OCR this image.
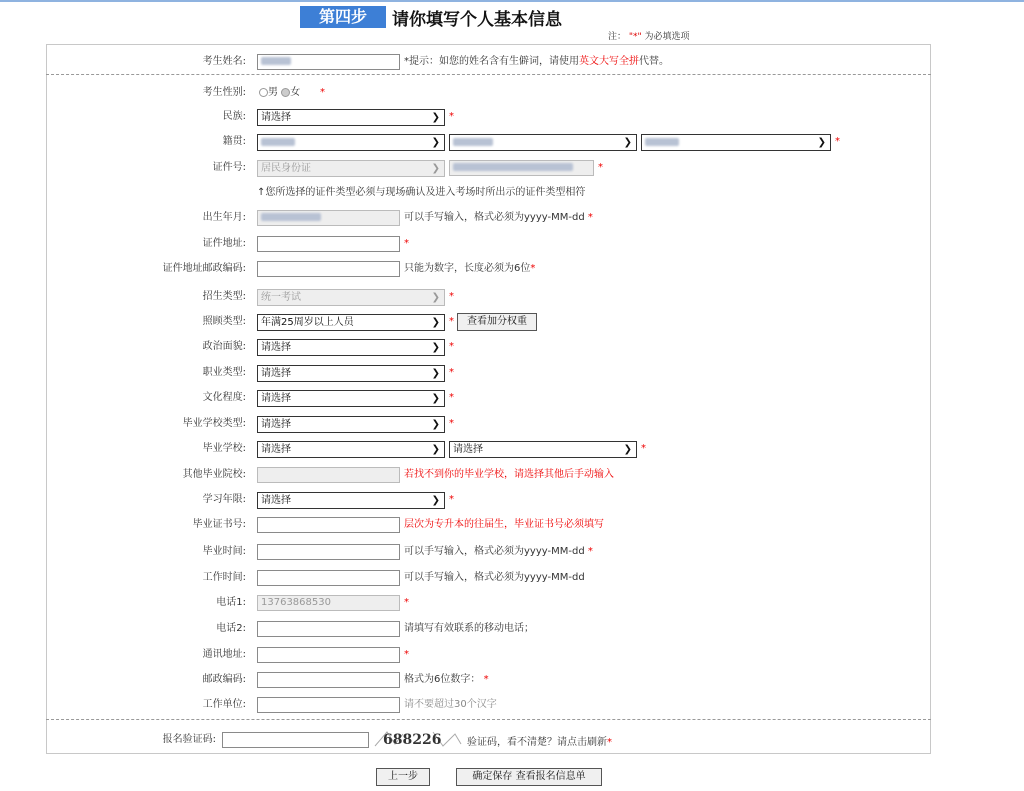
第四步	请你填写个人基本信息
注： "*" 为必填选项
考生姓名:	*提示：如您的姓名含有生僻词，请使用英文大写全拼代替。
考生性别:	男 女 *
民族:	请选择	❯ *
籍贯:	❯	❯	❯ *
证件号:	居民身份证	❯	*
↑您所选择的证件类型必须与现场确认及进入考场时所出示的证件类型相符
出生年月:	可以手写输入，格式必须为yyyy-MM-dd *
证件地址:	*
证件地址邮政编码:	只能为数字，长度必须为6位*
招生类型:	统一考试	❯ *
照顾类型:	年满25周岁以上人员	❯ *	查看加分权重
政治面貌:	请选择	❯ *
职业类型:	请选择	❯ *
文化程度:	请选择	❯ *
毕业学校类型:	请选择	❯ *
毕业学校:	请选择	❯	请选择	❯ *
其他毕业院校:	若找不到你的毕业学校，请选择其他后手动输入
学习年限:	请选择	❯ *
毕业证书号:	层次为专升本的往届生，毕业证书号必须填写
毕业时间:	可以手写输入，格式必须为yyyy-MM-dd *
工作时间:	可以手写输入，格式必须为yyyy-MM-dd
电话1:	13763868530	*
电话2:	请填写有效联系的移动电话；
通讯地址:	*
邮政编码:	格式为6位数字： *
工作单位:	请不要超过30个汉字
报名验证码:	688226	验证码，看不清楚？请点击刷新*
上一步	确定保存 查看报名信息单
